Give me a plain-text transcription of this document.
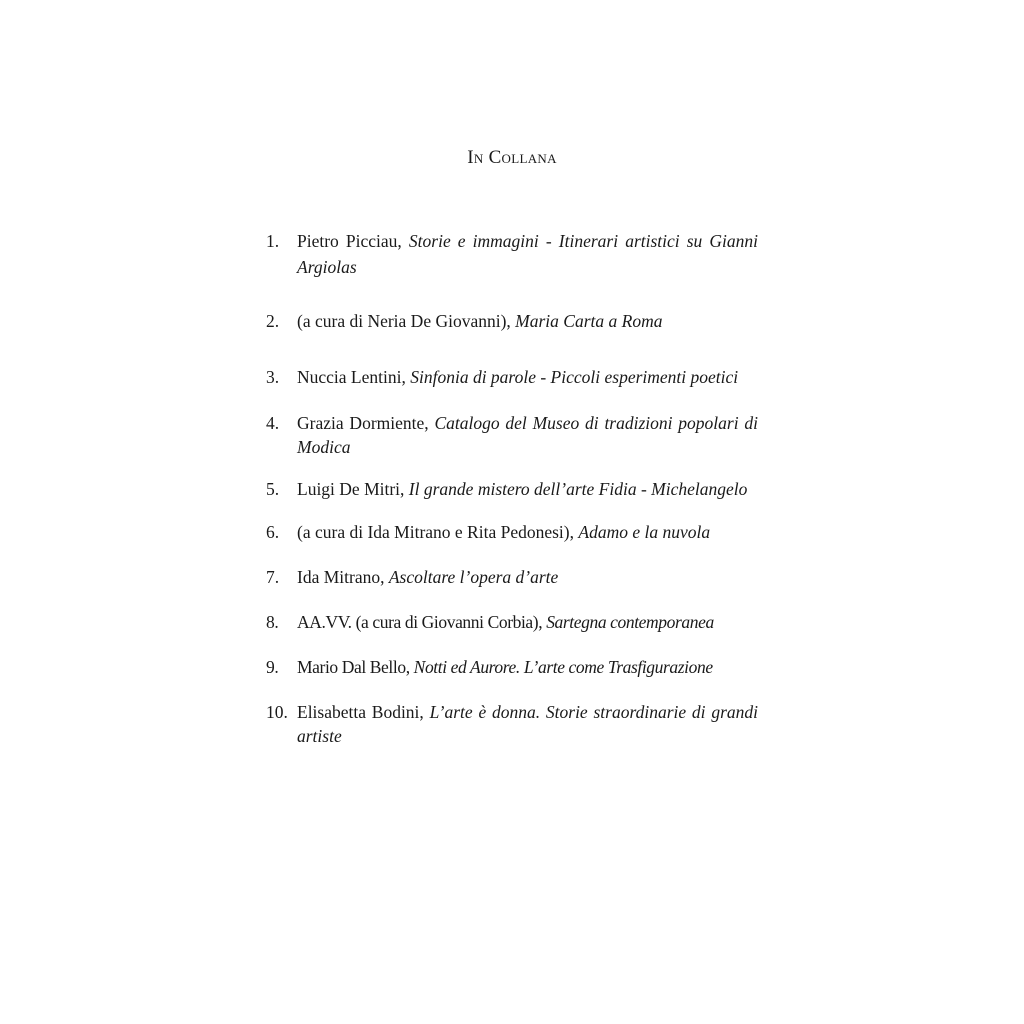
In Collana
1. Pietro Picciau, Storie e immagini - Itinerari artistici su Gianni Argiolas
2. (a cura di Neria De Giovanni), Maria Carta a Roma
3. Nuccia Lentini, Sinfonia di parole - Piccoli esperimenti poetici
4. Grazia Dormiente, Catalogo del Museo di tradizioni popolari di Modica
5. Luigi De Mitri, Il grande mistero dell’arte Fidia - Michelangelo
6. (a cura di Ida Mitrano e Rita Pedonesi), Adamo e la nuvola
7. Ida Mitrano, Ascoltare l’opera d’arte
8. AA.VV. (a cura di Giovanni Corbia), Sartegna contemporanea
9. Mario Dal Bello, Notti ed Aurore. L’arte come Trasfigurazione
10. Elisabetta Bodini, L’arte è donna. Storie straordinarie di grandi artiste
